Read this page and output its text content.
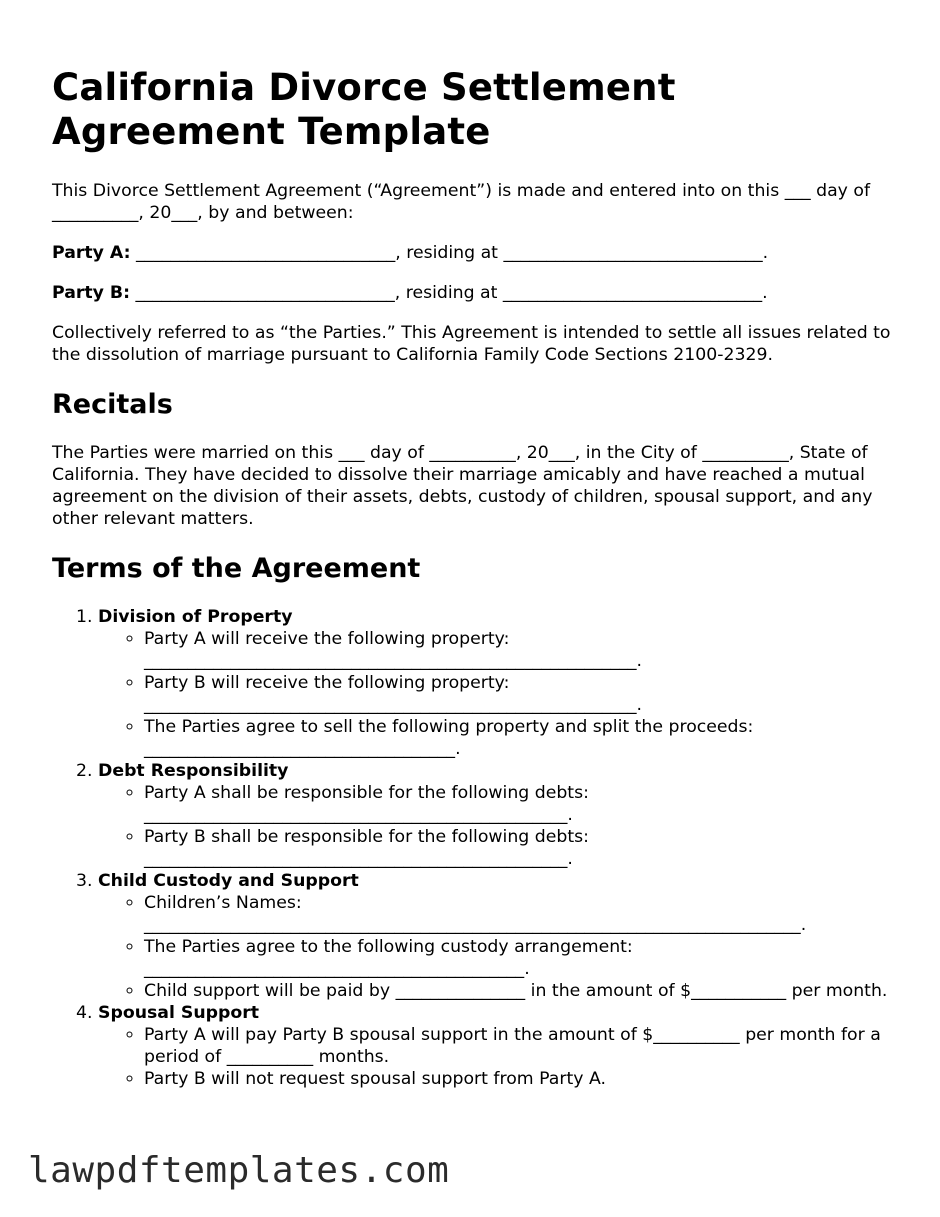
California Divorce Settlement Agreement Template

This Divorce Settlement Agreement (“Agreement”) is made and entered into on this ___ day of __________, 20___, by and between:

Party A: ______________________________, residing at ______________________________.

Party B: ______________________________, residing at ______________________________.

Collectively referred to as “the Parties.” This Agreement is intended to settle all issues related to the dissolution of marriage pursuant to California Family Code Sections 2100-2329.

Recitals

The Parties were married on this ___ day of __________, 20___, in the City of __________, State of California. They have decided to dissolve their marriage amicably and have reached a mutual agreement on the division of their assets, debts, custody of children, spousal support, and any other relevant matters.

Terms of the Agreement
1. Division of Property
◦ Party A will receive the following property: _________________________________________________________.
◦ Party B will receive the following property: _________________________________________________________.
◦ The Parties agree to sell the following property and split the proceeds: ____________________________________.
2. Debt Responsibility
◦ Party A shall be responsible for the following debts: _________________________________________________.
◦ Party B shall be responsible for the following debts: _________________________________________________.
3. Child Custody and Support
◦ Children’s Names: ____________________________________________________________________________.
◦ The Parties agree to the following custody arrangement: ____________________________________________.
◦ Child support will be paid by _______________ in the amount of $___________ per month.
4. Spousal Support
◦ Party A will pay Party B spousal support in the amount of $__________ per month for a period of __________ months.
◦ Party B will not request spousal support from Party A.
lawpdftemplates.com
